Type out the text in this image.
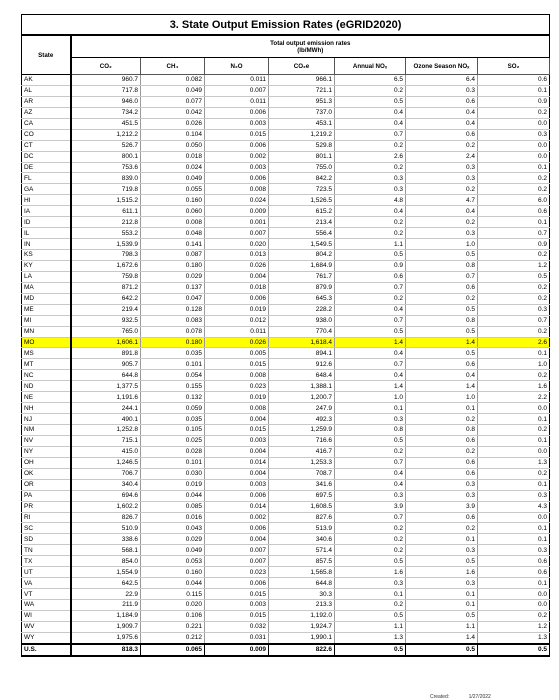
3. State Output Emission Rates (eGRID2020)							
State	Total output emission rates
(lb/MWh)						

	CO₂	CH₄	N₂O	CO₂e	Annual NOₓ	Ozone Season NOₓ	SO₂
AK	960.7	0.082	0.011	966.1	6.5	6.4	0.6
AL	717.8	0.049	0.007	721.1	0.2	0.3	0.1
AR	946.0	0.077	0.011	951.3	0.5	0.6	0.9
AZ	734.2	0.042	0.006	737.0	0.4	0.4	0.2
CA	451.5	0.026	0.003	453.1	0.4	0.4	0.0
CO	1,212.2	0.104	0.015	1,219.2	0.7	0.6	0.3
CT	526.7	0.050	0.006	529.8	0.2	0.2	0.0
DC	800.1	0.018	0.002	801.1	2.6	2.4	0.0
DE	753.6	0.024	0.003	755.0	0.2	0.3	0.1
FL	839.0	0.049	0.006	842.2	0.3	0.3	0.2
GA	719.8	0.055	0.008	723.5	0.3	0.2	0.2
HI	1,515.2	0.160	0.024	1,526.5	4.8	4.7	6.0
IA	611.1	0.060	0.009	615.2	0.4	0.4	0.6
ID	212.8	0.008	0.001	213.4	0.2	0.2	0.1
IL	553.2	0.048	0.007	556.4	0.2	0.3	0.7
IN	1,539.9	0.141	0.020	1,549.5	1.1	1.0	0.9
KS	798.3	0.087	0.013	804.2	0.5	0.5	0.2
KY	1,672.6	0.180	0.026	1,684.9	0.9	0.8	1.2
LA	759.8	0.029	0.004	761.7	0.6	0.7	0.5
MA	871.2	0.137	0.018	879.9	0.7	0.6	0.2
MD	642.2	0.047	0.006	645.3	0.2	0.2	0.2
ME	219.4	0.128	0.019	228.2	0.4	0.5	0.3
MI	932.5	0.083	0.012	938.0	0.7	0.8	0.7
MN	765.0	0.078	0.011	770.4	0.5	0.5	0.2
MO	1,606.1	0.180	0.026	1,618.4	1.4	1.4	2.6
MS	891.8	0.035	0.005	894.1	0.4	0.5	0.1
MT	905.7	0.101	0.015	912.6	0.7	0.6	1.0
NC	644.8	0.054	0.008	648.4	0.4	0.4	0.2
ND	1,377.5	0.155	0.023	1,388.1	1.4	1.4	1.6
NE	1,191.6	0.132	0.019	1,200.7	1.0	1.0	2.2
NH	244.1	0.059	0.008	247.9	0.1	0.1	0.0
NJ	490.1	0.035	0.004	492.3	0.3	0.2	0.1
NM	1,252.8	0.105	0.015	1,259.9	0.8	0.8	0.2
NV	715.1	0.025	0.003	716.6	0.5	0.6	0.1
NY	415.0	0.028	0.004	416.7	0.2	0.2	0.0
OH	1,246.5	0.101	0.014	1,253.3	0.7	0.6	1.3
OK	706.7	0.030	0.004	708.7	0.4	0.6	0.2
OR	340.4	0.019	0.003	341.6	0.4	0.3	0.1
PA	694.6	0.044	0.006	697.5	0.3	0.3	0.3
PR	1,602.2	0.085	0.014	1,608.5	3.9	3.9	4.3
RI	826.7	0.016	0.002	827.6	0.7	0.6	0.0
SC	510.9	0.043	0.006	513.9	0.2	0.2	0.1
SD	338.6	0.029	0.004	340.6	0.2	0.1	0.1
TN	568.1	0.049	0.007	571.4	0.2	0.3	0.3
TX	854.0	0.053	0.007	857.5	0.5	0.5	0.6
UT	1,554.9	0.160	0.023	1,565.8	1.6	1.6	0.6
VA	642.5	0.044	0.006	644.8	0.3	0.3	0.1
VT	22.9	0.115	0.015	30.3	0.1	0.1	0.0
WA	211.9	0.020	0.003	213.3	0.2	0.1	0.0
WI	1,184.9	0.106	0.015	1,192.0	0.5	0.5	0.2
WV	1,909.7	0.221	0.032	1,924.7	1.1	1.1	1.2
WY	1,975.6	0.212	0.031	1,990.1	1.3	1.4	1.3
U.S.	818.3	0.065	0.009	822.6	0.5	0.5	0.5
Created:	1/27/2022
